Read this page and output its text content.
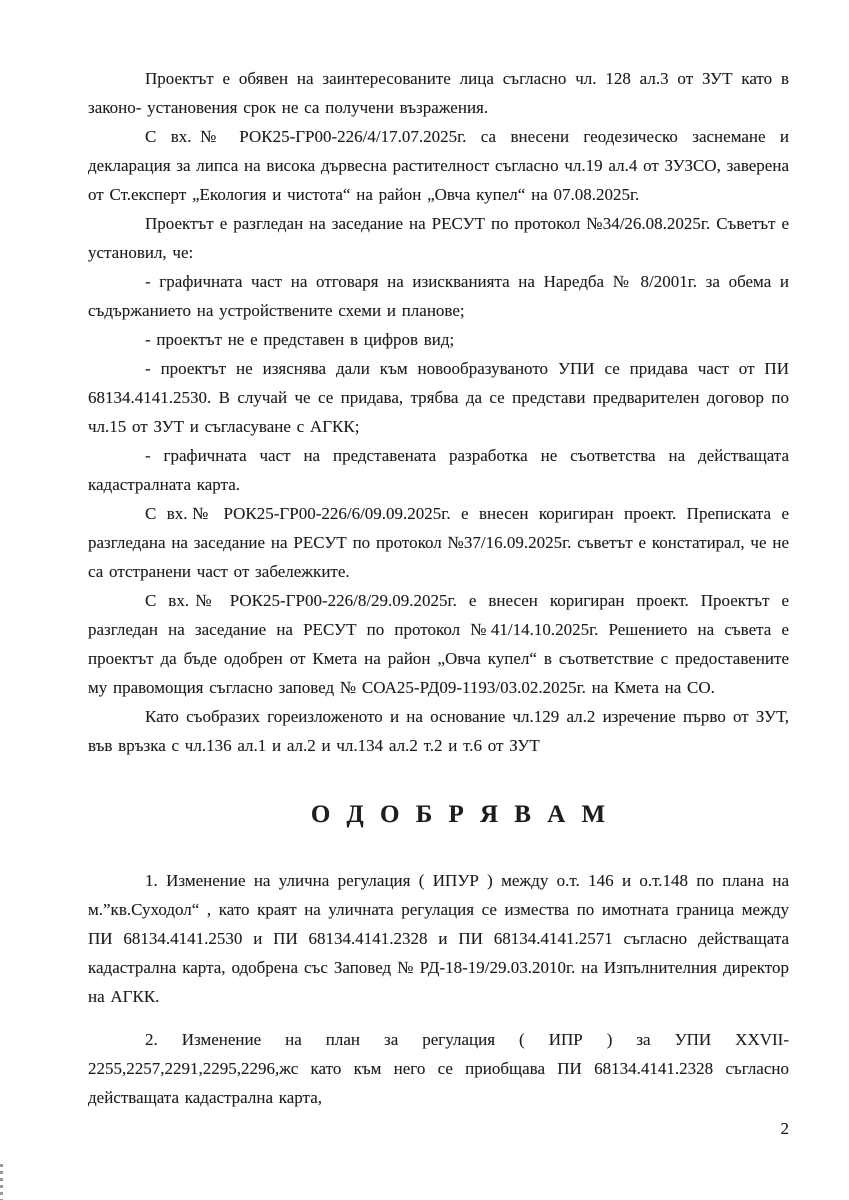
Проектът е обявен на заинтересованите лица съгласно чл. 128 ал.3 от ЗУТ като в законо- установения срок не са получени възражения.

С вх.№ РОК25-ГР00-226/4/17.07.2025г. са внесени геодезическо заснемане и декларация за липса на висока дървесна растителност съгласно чл.19 ал.4 от ЗУЗСО, заверена от Ст.експерт „Екология и чистота“ на район „Овча купел“ на 07.08.2025г.

Проектът е разгледан на заседание на РЕСУТ по протокол №34/26.08.2025г. Съветът е установил, че:

- графичната част на отговаря на изискванията на Наредба № 8/2001г. за обема и съдържанието на устройствените схеми и планове;

- проектът не е представен в цифров вид;

- проектът не изяснява дали към новообразуваното УПИ се придава част от ПИ 68134.4141.2530. В случай че се придава, трябва да се представи предварителен договор по чл.15 от ЗУТ и съгласуване с АГКК;

- графичната част на представената разработка не съответства на действащата кадастралната карта.

С вх.№ РОК25-ГР00-226/6/09.09.2025г. е внесен коригиран проект. Преписката е разгледана на заседание на РЕСУТ по протокол №37/16.09.2025г. съветът е констатирал, че не са отстранени част от забележките.

С вх.№ РОК25-ГР00-226/8/29.09.2025г. е внесен коригиран проект. Проектът е разгледан на заседание на РЕСУТ по протокол №41/14.10.2025г. Решението на съвета е проектът да бъде одобрен от Кмета на район „Овча купел“ в съответствие с предоставените му правомощия съгласно заповед № СОА25-РД09-1193/03.02.2025г. на Кмета на СО.

Като съобразих гореизложеното и на основание чл.129 ал.2 изречение първо от ЗУТ, във връзка с чл.136 ал.1 и ал.2 и чл.134 ал.2 т.2 и т.6 от ЗУТ

О Д О Б Р Я В А М

1. Изменение на улична регулация ( ИПУР ) между о.т. 146 и о.т.148 по плана на м.”кв.Суходол“ , като краят на уличната регулация се измества по имотната граница между ПИ 68134.4141.2530 и ПИ 68134.4141.2328 и ПИ 68134.4141.2571 съгласно действащата кадастрална карта, одобрена със Заповед № РД-18-19/29.03.2010г. на Изпълнителния директор на АГКК.

2. Изменение на план за регулация ( ИПР ) за УПИ XXVII-2255,2257,2291,2295,2296,жс като към него се приобщава ПИ 68134.4141.2328 съгласно действащата кадастрална карта,

2
